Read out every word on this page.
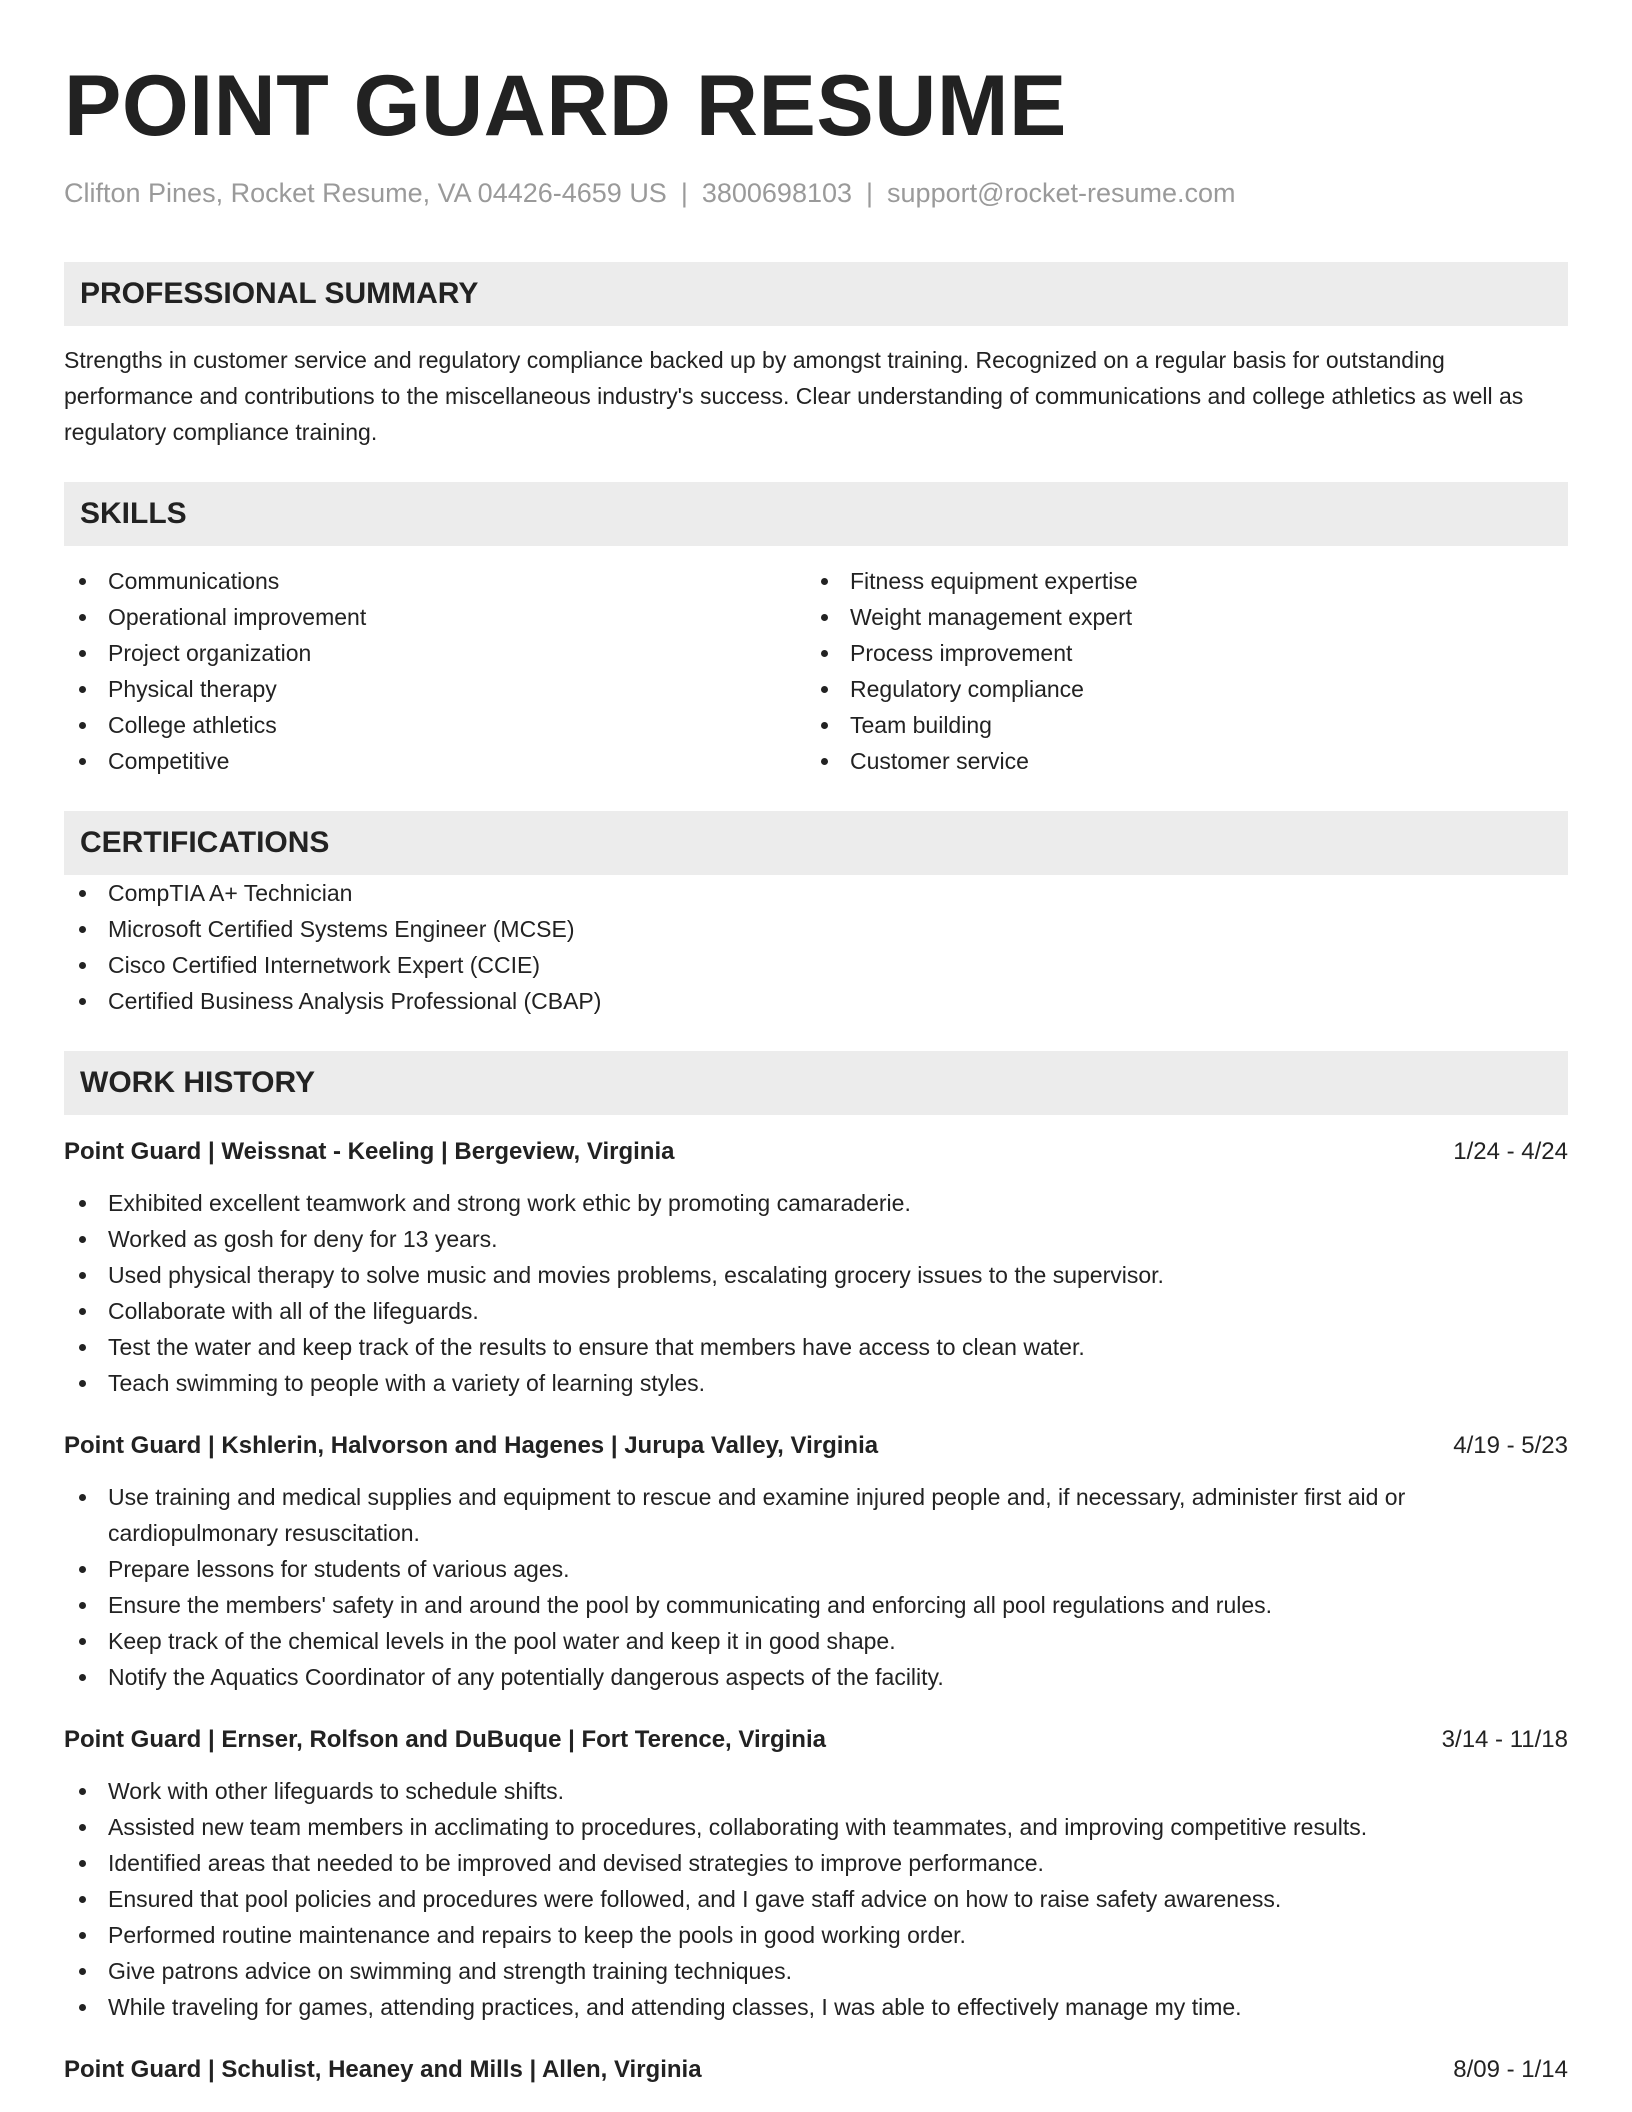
POINT GUARD RESUME
Clifton Pines, Rocket Resume, VA 04426-4659 US | 3800698103 | support@rocket-resume.com
PROFESSIONAL SUMMARY

Strengths in customer service and regulatory compliance backed up by amongst training. Recognized on a regular basis for outstanding performance and contributions to the miscellaneous industry's success. Clear understanding of communications and college athletics as well as regulatory compliance training.

SKILLS
Communications
Operational improvement
Project organization
Physical therapy
College athletics
Competitive
Fitness equipment expertise
Weight management expert
Process improvement
Regulatory compliance
Team building
Customer service
CERTIFICATIONS
CompTIA A+ Technician
Microsoft Certified Systems Engineer (MCSE)
Cisco Certified Internetwork Expert (CCIE)
Certified Business Analysis Professional (CBAP)
WORK HISTORY
Point Guard | Weissnat - Keeling | Bergeview, Virginia	1/24 - 4/24
Exhibited excellent teamwork and strong work ethic by promoting camaraderie.
Worked as gosh for deny for 13 years.
Used physical therapy to solve music and movies problems, escalating grocery issues to the supervisor.
Collaborate with all of the lifeguards.
Test the water and keep track of the results to ensure that members have access to clean water.
Teach swimming to people with a variety of learning styles.
Point Guard | Kshlerin, Halvorson and Hagenes | Jurupa Valley, Virginia	4/19 - 5/23
Use training and medical supplies and equipment to rescue and examine injured people and, if necessary, administer first aid or cardiopulmonary resuscitation.
Prepare lessons for students of various ages.
Ensure the members' safety in and around the pool by communicating and enforcing all pool regulations and rules.
Keep track of the chemical levels in the pool water and keep it in good shape.
Notify the Aquatics Coordinator of any potentially dangerous aspects of the facility.
Point Guard | Ernser, Rolfson and DuBuque | Fort Terence, Virginia	3/14 - 11/18
Work with other lifeguards to schedule shifts.
Assisted new team members in acclimating to procedures, collaborating with teammates, and improving competitive results.
Identified areas that needed to be improved and devised strategies to improve performance.
Ensured that pool policies and procedures were followed, and I gave staff advice on how to raise safety awareness.
Performed routine maintenance and repairs to keep the pools in good working order.
Give patrons advice on swimming and strength training techniques.
While traveling for games, attending practices, and attending classes, I was able to effectively manage my time.
Point Guard | Schulist, Heaney and Mills | Allen, Virginia	8/09 - 1/14
